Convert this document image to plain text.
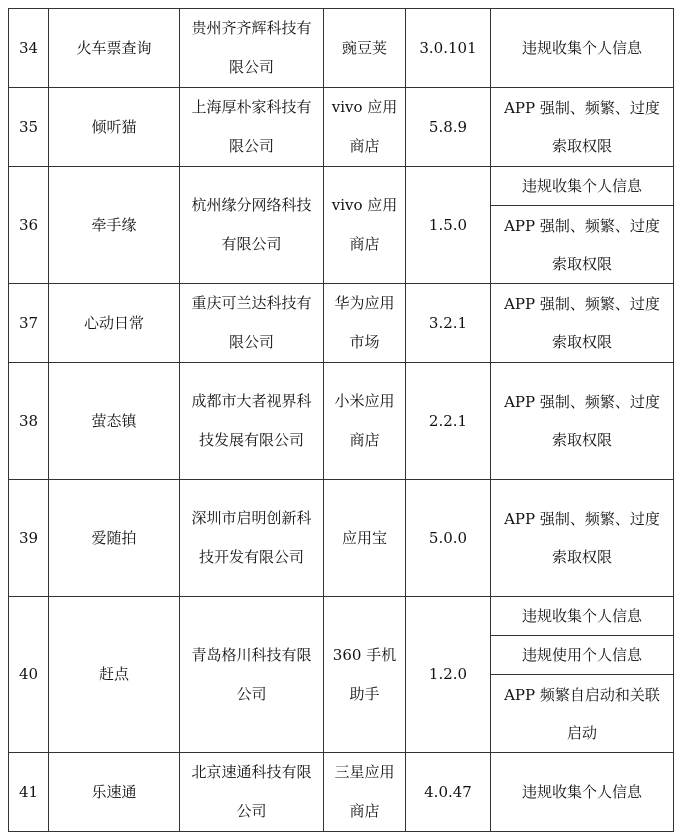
34	火车票查询	贵州齐齐辉科技有限公司	豌豆荚	3.0.101	违规收集个人信息
35	倾听猫	上海厚朴家科技有限公司	vivo 应用商店	5.8.9	APP 强制、频繁、过度索取权限
36	牵手缘	杭州缘分网络科技有限公司	vivo 应用商店	1.5.0	违规收集个人信息
					APP 强制、频繁、过度索取权限
37	心动日常	重庆可兰达科技有限公司	华为应用市场	3.2.1	APP 强制、频繁、过度索取权限
38	萤态镇	成都市大者视界科技发展有限公司	小米应用商店	2.2.1	APP 强制、频繁、过度索取权限
39	爱随拍	深圳市启明创新科技开发有限公司	应用宝	5.0.0	APP 强制、频繁、过度索取权限
40	赶点	青岛格川科技有限公司	360 手机助手	1.2.0	违规收集个人信息
					违规使用个人信息
					APP 频繁自启动和关联启动
41	乐速通	北京速通科技有限公司	三星应用商店	4.0.47	违规收集个人信息
